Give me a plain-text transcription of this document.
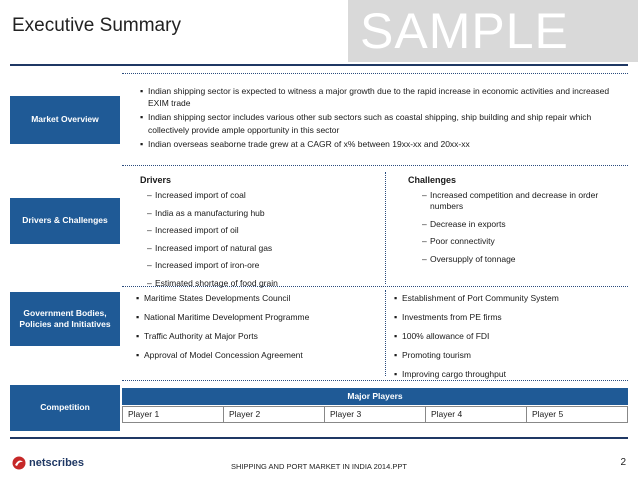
Executive Summary	SAMPLE
Market Overview
▪ Indian shipping sector is expected to witness a major growth due to the rapid increase in economic activities and increased EXIM trade
▪ Indian shipping sector includes various other sub sectors such as coastal shipping, ship building and ship repair which collectively provide ample opportunity in this sector
▪ Indian overseas seaborne trade grew at a CAGR of x% between 19xx-xx and 20xx-xx
Drivers & Challenges
Drivers
– Increased import of coal
– India as a manufacturing hub
– Increased import of oil
– Increased import of natural gas
– Increased import of iron-ore
– Estimated shortage of food grain
Challenges
– Increased competition and decrease in order numbers
– Decrease in exports
– Poor connectivity
– Oversupply of tonnage
Government Bodies, Policies and Initiatives
▪ Maritime States Developments Council
▪ National Maritime Development Programme
▪ Traffic Authority at Major Ports
▪ Approval of Model Concession Agreement
▪ Establishment of Port Community System
▪ Investments from PE firms
▪ 100% allowance of FDI
▪ Promoting tourism
▪ Improving cargo throughput
Competition
Major Players
Player 1	Player 2	Player 3	Player 4	Player 5
netscribes	SHIPPING AND PORT MARKET IN INDIA 2014.PPT	2
